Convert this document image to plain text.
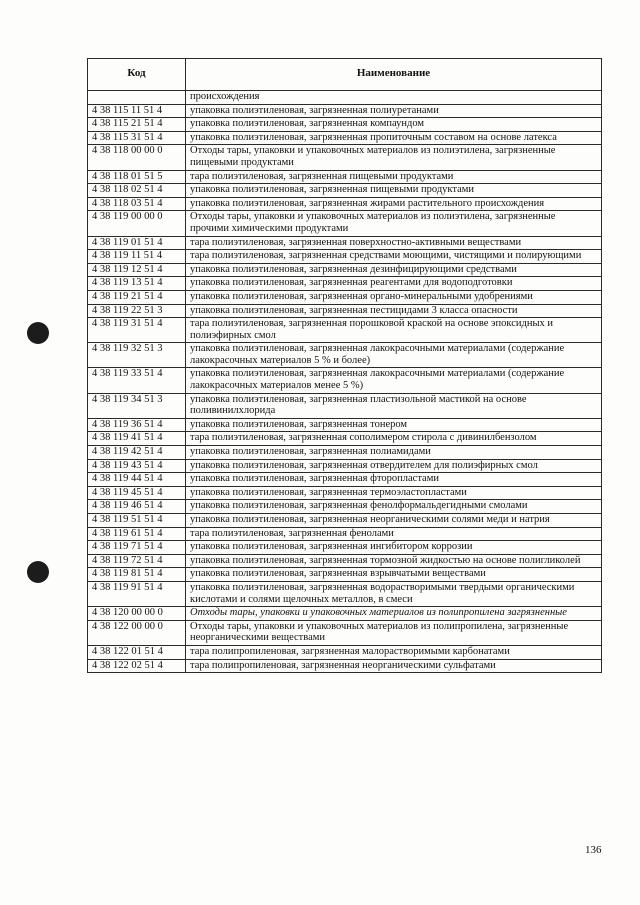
Код	Наименование
	происхождения
4 38 115 11 51 4	упаковка полиэтиленовая, загрязненная полиуретанами
4 38 115 21 51 4	упаковка полиэтиленовая, загрязненная компаундом
4 38 115 31 51 4	упаковка полиэтиленовая, загрязненная пропиточным составом на основе латекса
4 38 118 00 00 0	Отходы тары, упаковки и упаковочных материалов из полиэтилена, загрязненные пищевыми продуктами
4 38 118 01 51 5	тара полиэтиленовая, загрязненная пищевыми продуктами
4 38 118 02 51 4	упаковка полиэтиленовая, загрязненная пищевыми продуктами
4 38 118 03 51 4	упаковка полиэтиленовая, загрязненная жирами растительного происхождения
4 38 119 00 00 0	Отходы тары, упаковки и упаковочных материалов из полиэтилена, загрязненные прочими химическими продуктами
4 38 119 01 51 4	тара полиэтиленовая, загрязненная поверхностно-активными веществами
4 38 119 11 51 4	тара полиэтиленовая, загрязненная средствами моющими, чистящими и полирующими
4 38 119 12 51 4	упаковка полиэтиленовая, загрязненная дезинфицирующими средствами
4 38 119 13 51 4	упаковка полиэтиленовая, загрязненная реагентами для водоподготовки
4 38 119 21 51 4	упаковка полиэтиленовая, загрязненная органо-минеральными удобрениями
4 38 119 22 51 3	упаковка полиэтиленовая, загрязненная пестицидами 3 класса опасности
4 38 119 31 51 4	тара полиэтиленовая, загрязненная порошковой краской на основе эпоксидных и полиэфирных смол
4 38 119 32 51 3	упаковка полиэтиленовая, загрязненная лакокрасочными материалами (содержание лакокрасочных материалов 5 % и более)
4 38 119 33 51 4	упаковка полиэтиленовая, загрязненная лакокрасочными материалами (содержание лакокрасочных материалов менее 5 %)
4 38 119 34 51 3	упаковка полиэтиленовая, загрязненная пластизольной мастикой на основе поливинилхлорида
4 38 119 36 51 4	упаковка полиэтиленовая, загрязненная тонером
4 38 119 41 51 4	тара полиэтиленовая, загрязненная сополимером стирола с дивинилбензолом
4 38 119 42 51 4	упаковка полиэтиленовая, загрязненная полиамидами
4 38 119 43 51 4	упаковка полиэтиленовая, загрязненная отвердителем для полиэфирных смол
4 38 119 44 51 4	упаковка полиэтиленовая, загрязненная фторопластами
4 38 119 45 51 4	упаковка полиэтиленовая, загрязненная термоэластопластами
4 38 119 46 51 4	упаковка полиэтиленовая, загрязненная фенолформальдегидными смолами
4 38 119 51 51 4	упаковка полиэтиленовая, загрязненная неорганическими солями меди и натрия
4 38 119 61 51 4	тара полиэтиленовая, загрязненная фенолами
4 38 119 71 51 4	упаковка полиэтиленовая, загрязненная ингибитором коррозии
4 38 119 72 51 4	упаковка полиэтиленовая, загрязненная тормозной жидкостью на основе полигликолей
4 38 119 81 51 4	упаковка полиэтиленовая, загрязненная взрывчатыми веществами
4 38 119 91 51 4	упаковка полиэтиленовая, загрязненная водорастворимыми твердыми органическими кислотами и солями щелочных металлов, в смеси
4 38 120 00 00 0	Отходы тары, упаковки и упаковочных материалов из полипропилена загрязненные
4 38 122 00 00 0	Отходы тары, упаковки и упаковочных материалов из полипропилена, загрязненные неорганическими веществами
4 38 122 01 51 4	тара полипропиленовая, загрязненная малорастворимыми карбонатами
4 38 122 02 51 4	тара полипропиленовая, загрязненная неорганическими сульфатами
136
